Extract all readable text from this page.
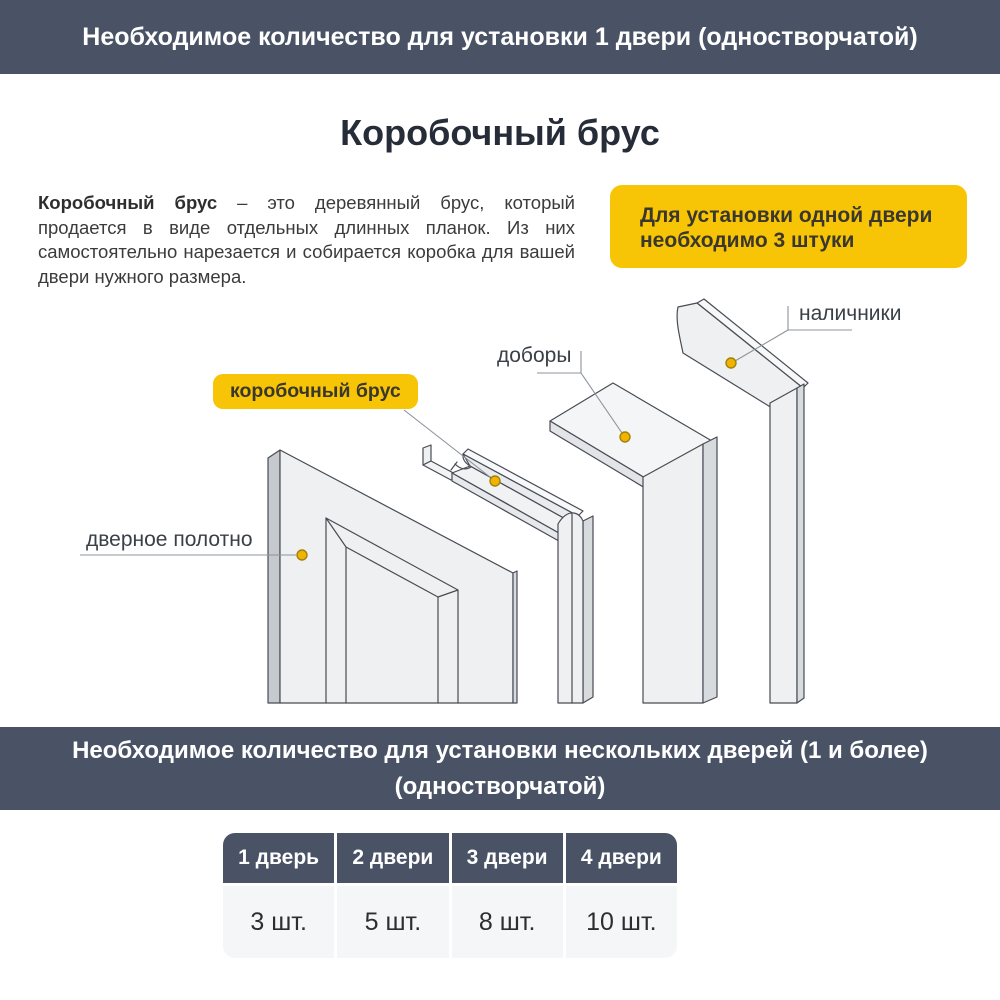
Необходимое количество для установки 1 двери (одностворчатой)
Коробочный брус

Коробочный брус – это деревянный брус, который продается в виде отдельных длинных планок. Из них самостоятельно нарезается и собирается коробка для вашей двери нужного размера.

Для установки одной двери
необходимо 3 штуки
дверное полотно
коробочный брус
доборы
наличники
Необходимое количество для установки нескольких дверей (1 и более)
(одностворчатой)
1 дверь	2 двери	3 двери	4 двери
3 шт.	5 шт.	8 шт.	10 шт.
